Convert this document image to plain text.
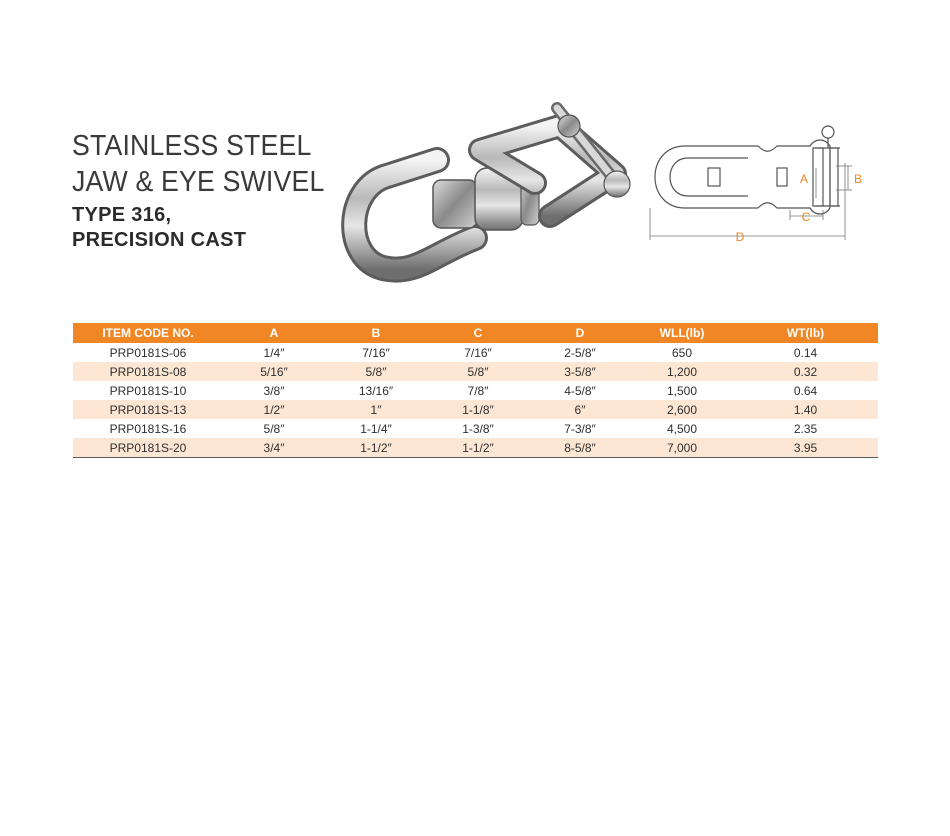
STAINLESS STEEL
JAW & EYE SWIVEL
TYPE 316,
PRECISION CAST	D
C
A	B
ITEM CODE NO.	A	B	C	D	WLL(lb)	WT(lb)
PRP0181S-06	1/4″	7/16″	7/16″	2-5/8″	650	0.14
PRP0181S-08	5/16″	5/8″	5/8″	3-5/8″	1,200	0.32
PRP0181S-10	3/8″	13/16″	7/8″	4-5/8″	1,500	0.64
PRP0181S-13	1/2″	1″	1-1/8″	6″	2,600	1.40
PRP0181S-16	5/8″	1-1/4″	1-3/8″	7-3/8″	4,500	2.35
PRP0181S-20	3/4″	1-1/2″	1-1/2″	8-5/8″	7,000	3.95
